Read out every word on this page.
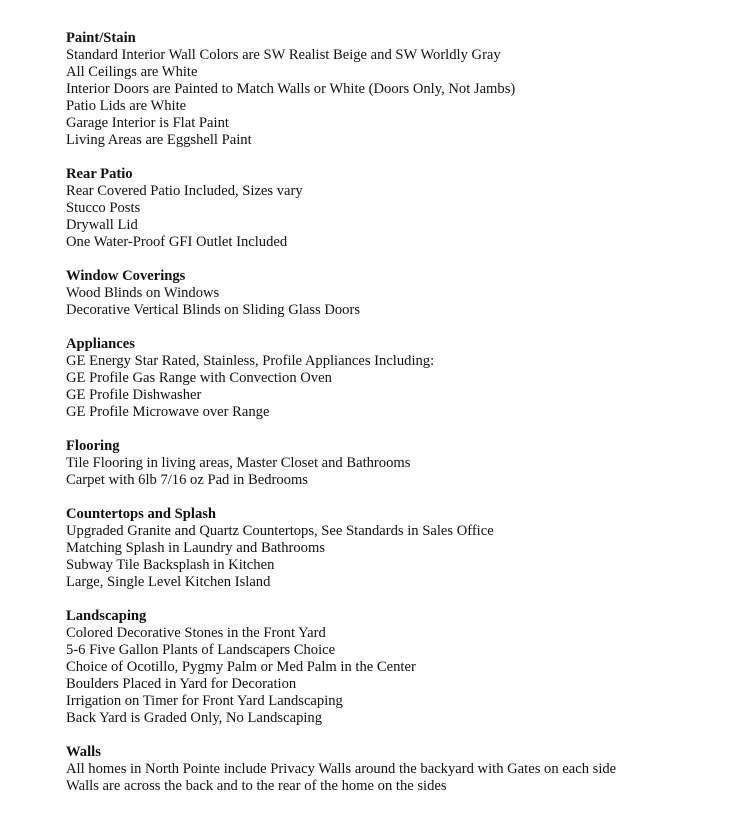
Paint/Stain
Standard Interior Wall Colors are SW Realist Beige and SW Worldly Gray
All Ceilings are White
Interior Doors are Painted to Match Walls or White (Doors Only, Not Jambs)
Patio Lids are White
Garage Interior is Flat Paint
Living Areas are Eggshell Paint
Rear Patio
Rear Covered Patio Included, Sizes vary
Stucco Posts
Drywall Lid
One Water-Proof GFI Outlet Included
Window Coverings
Wood Blinds on Windows
Decorative Vertical Blinds on Sliding Glass Doors
Appliances
GE Energy Star Rated, Stainless, Profile Appliances Including:
GE Profile Gas Range with Convection Oven
GE Profile Dishwasher
GE Profile Microwave over Range
Flooring
Tile Flooring in living areas, Master Closet and Bathrooms
Carpet with 6lb 7/16 oz Pad in Bedrooms
Countertops and Splash
Upgraded Granite and Quartz Countertops, See Standards in Sales Office
Matching Splash in Laundry and Bathrooms
Subway Tile Backsplash in Kitchen
Large, Single Level Kitchen Island
Landscaping
Colored Decorative Stones in the Front Yard
5-6 Five Gallon Plants of Landscapers Choice
Choice of Ocotillo, Pygmy Palm or Med Palm in the Center
Boulders Placed in Yard for Decoration
Irrigation on Timer for Front Yard Landscaping
Back Yard is Graded Only, No Landscaping
Walls
All homes in North Pointe include Privacy Walls around the backyard with Gates on each side
Walls are across the back and to the rear of the home on the sides
